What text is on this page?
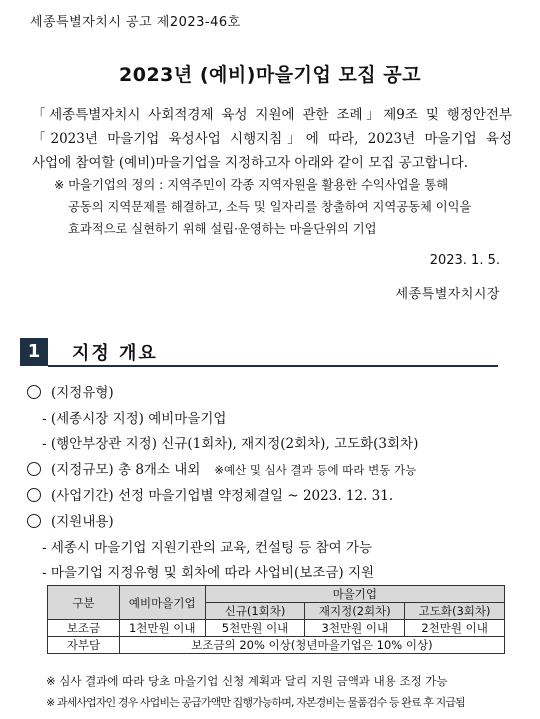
세종특별자치시 공고 제2023-46호
2023년 (예비)마을기업 모집 공고
「세종특별자치시 사회적경제 육성 지원에 관한 조례」제9조 및 행정안전부
「2023년 마을기업 육성사업 시행지침」에 따라, 2023년 마을기업 육성
사업에 참여할 (예비)마을기업을 지정하고자 아래와 같이 모집 공고합니다.
※ 마을기업의 정의 : 지역주민이 각종 지역자원을 활용한 수익사업을 통해
공동의 지역문제를 해결하고, 소득 및 일자리를 창출하여 지역공동체 이익을
효과적으로 실현하기 위해 설립·운영하는 마을단위의 기업
2023. 1. 5.
세종특별자치시장
1	지정 개요
(지정유형)
- (세종시장 지정) 예비마을기업
- (행안부장관 지정) 신규(1회차), 재지정(2회차), 고도화(3회차)
(지정규모) 총 8개소 내외 ※예산 및 심사 결과 등에 따라 변동 가능
(사업기간) 선정 마을기업별 약정체결일 ~ 2023. 12. 31.
(지원내용)
- 세종시 마을기업 지원기관의 교육, 컨설팅 등 참여 가능
- 마을기업 지정유형 및 회차에 따라 사업비(보조금) 지원
구분	예비마을기업	마을기업		
		신규(1회차)	재지정(2회차)	고도화(3회차)
보조금	1천만원 이내	5천만원 이내	3천만원 이내	2천만원 이내
자부담	보조금의 20% 이상(청년마을기업은 10% 이상)			
※ 심사 결과에 따라 당초 마을기업 신청 계획과 달리 지원 금액과 내용 조정 가능
※ 과세사업자인 경우 사업비는 공급가액만 집행가능하며, 자본경비는 물품검수 등 완료 후 지급됨
